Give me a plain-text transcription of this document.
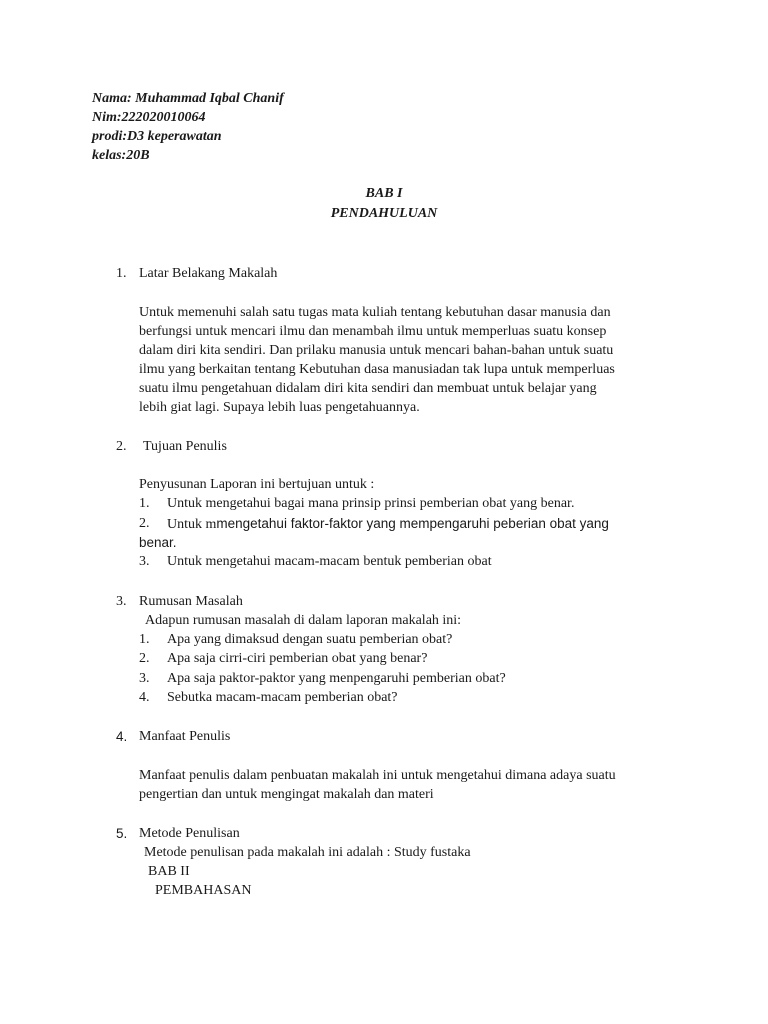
Nama: Muhammad Iqbal Chanif
Nim:222020010064
prodi:D3 keperawatan
kelas:20B
BAB I
PENDAHULUAN
1. Latar Belakang Makalah
Untuk memenuhi salah satu tugas mata kuliah tentang kebutuhan dasar manusia dan
berfungsi untuk mencari ilmu dan menambah ilmu untuk memperluas suatu konsep
dalam diri kita sendiri. Dan prilaku manusia untuk mencari bahan-bahan untuk suatu
ilmu yang berkaitan tentang Kebutuhan dasa manusiadan tak lupa untuk memperluas
suatu ilmu pengetahuan didalam diri kita sendiri dan membuat untuk belajar yang
lebih giat lagi. Supaya lebih luas pengetahuannya.
2. Tujuan Penulis
Penyusunan Laporan ini bertujuan untuk :
1. Untuk mengetahui bagai mana prinsip prinsi pemberian obat yang benar.
2. Untuk mmengetahui faktor-faktor yang mempengaruhi peberian obat yang
benar.
3. Untuk mengetahui macam-macam bentuk pemberian obat
3. Rumusan Masalah
Adapun rumusan masalah di dalam laporan makalah ini:
1. Apa yang dimaksud dengan suatu pemberian obat?
2. Apa saja cirri-ciri pemberian obat yang benar?
3. Apa saja paktor-paktor yang menpengaruhi pemberian obat?
4. Sebutka macam-macam pemberian obat?
4. Manfaat Penulis
Manfaat penulis dalam penbuatan makalah ini untuk mengetahui dimana adaya suatu
pengertian dan untuk mengingat makalah dan materi
5. Metode Penulisan
Metode penulisan pada makalah ini adalah : Study fustaka
BAB II
PEMBAHASAN
